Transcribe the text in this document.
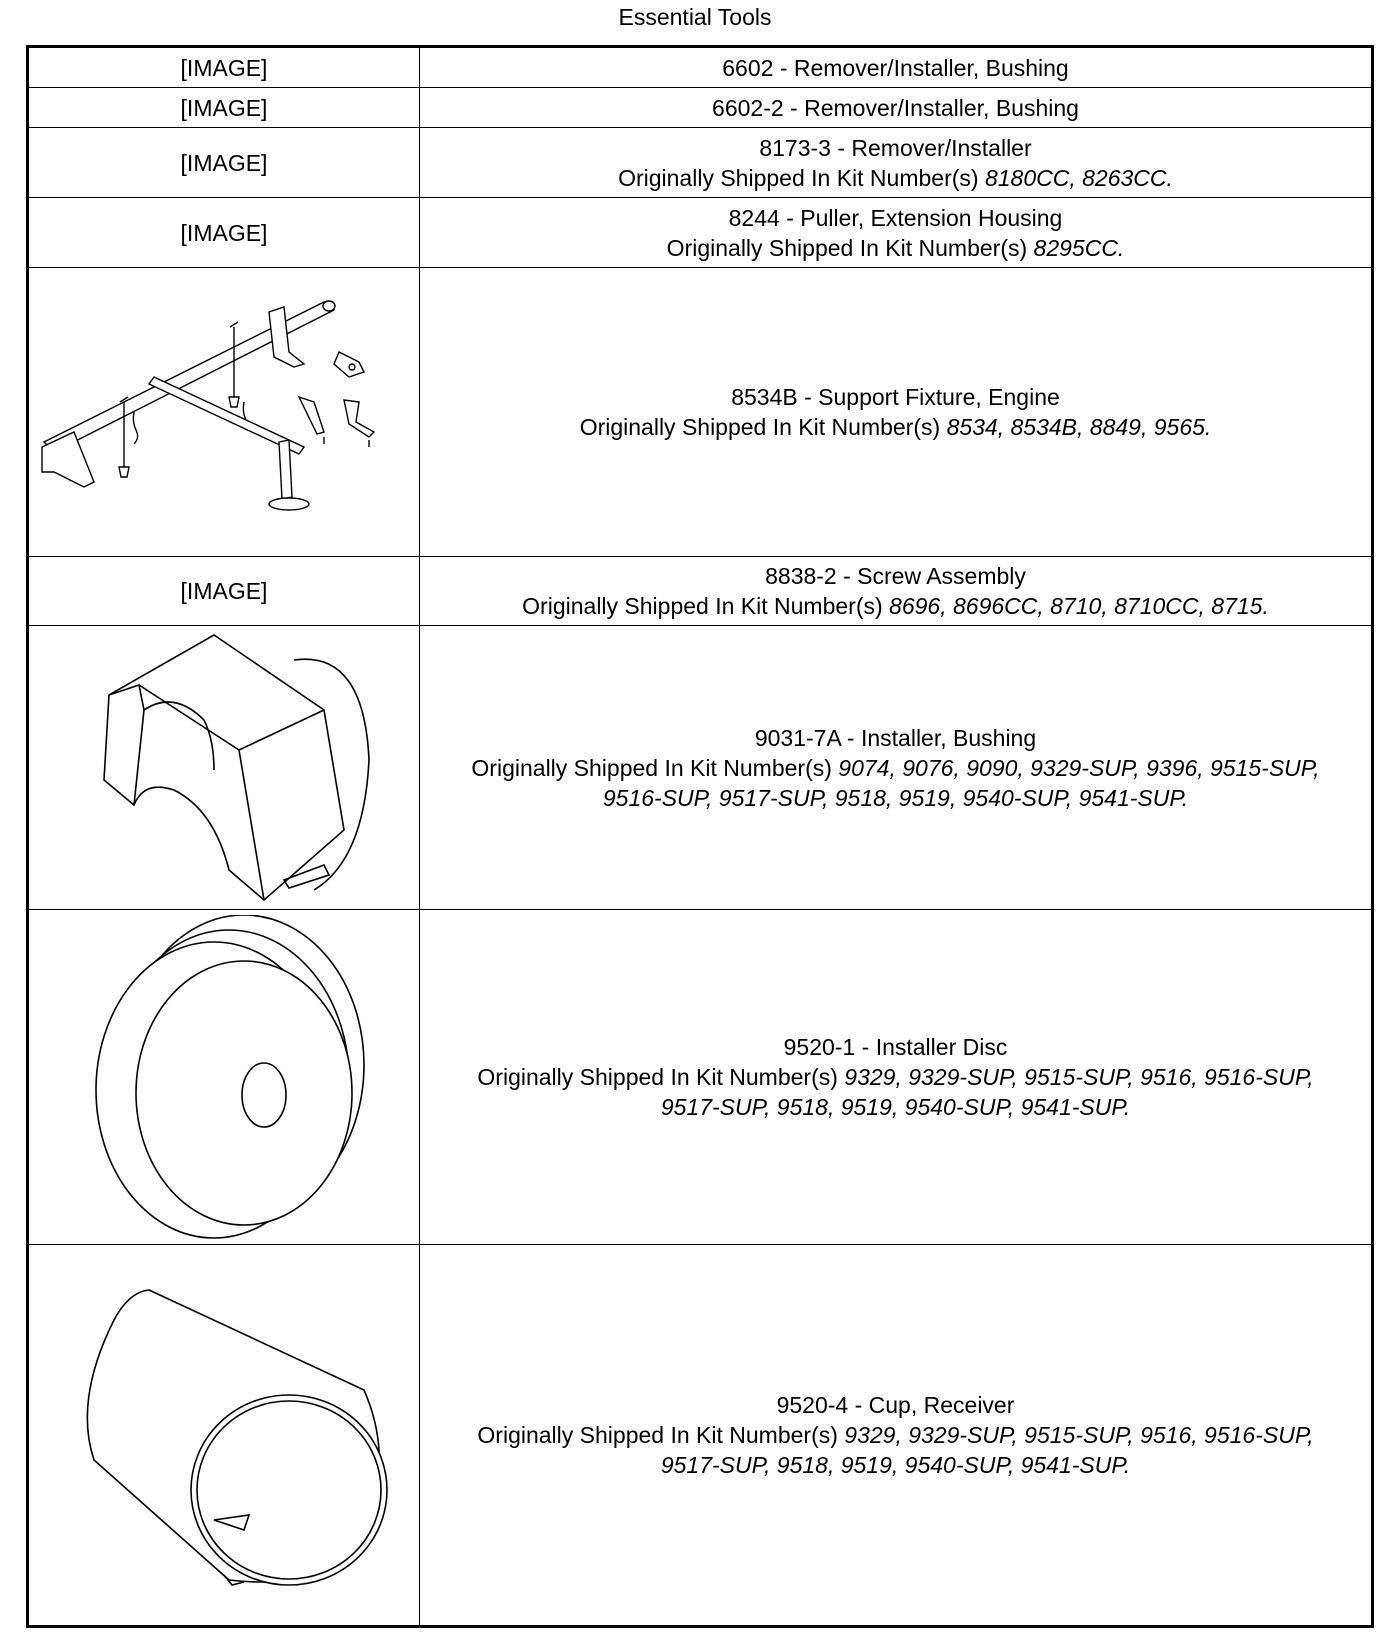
Essential Tools
[IMAGE]	6602 - Remover/Installer, Bushing

[IMAGE]	6602-2 - Remover/Installer, Bushing

[IMAGE]	8173-3 - Remover/Installer
Originally Shipped In Kit Number(s) 8180CC, 8263CC.

[IMAGE]	8244 - Puller, Extension Housing
Originally Shipped In Kit Number(s) 8295CC.

8534B - Support Fixture, Engine
Originally Shipped In Kit Number(s) 8534, 8534B, 8849, 9565.

[IMAGE]	8838-2 - Screw Assembly
Originally Shipped In Kit Number(s) 8696, 8696CC, 8710, 8710CC, 8715.

9031-7A - Installer, Bushing
Originally Shipped In Kit Number(s) 9074, 9076, 9090, 9329-SUP, 9396, 9515-SUP,
9516-SUP, 9517-SUP, 9518, 9519, 9540-SUP, 9541-SUP.

9520-1 - Installer Disc
Originally Shipped In Kit Number(s) 9329, 9329-SUP, 9515-SUP, 9516, 9516-SUP,
9517-SUP, 9518, 9519, 9540-SUP, 9541-SUP.

9520-4 - Cup, Receiver
Originally Shipped In Kit Number(s) 9329, 9329-SUP, 9515-SUP, 9516, 9516-SUP,
9517-SUP, 9518, 9519, 9540-SUP, 9541-SUP.
